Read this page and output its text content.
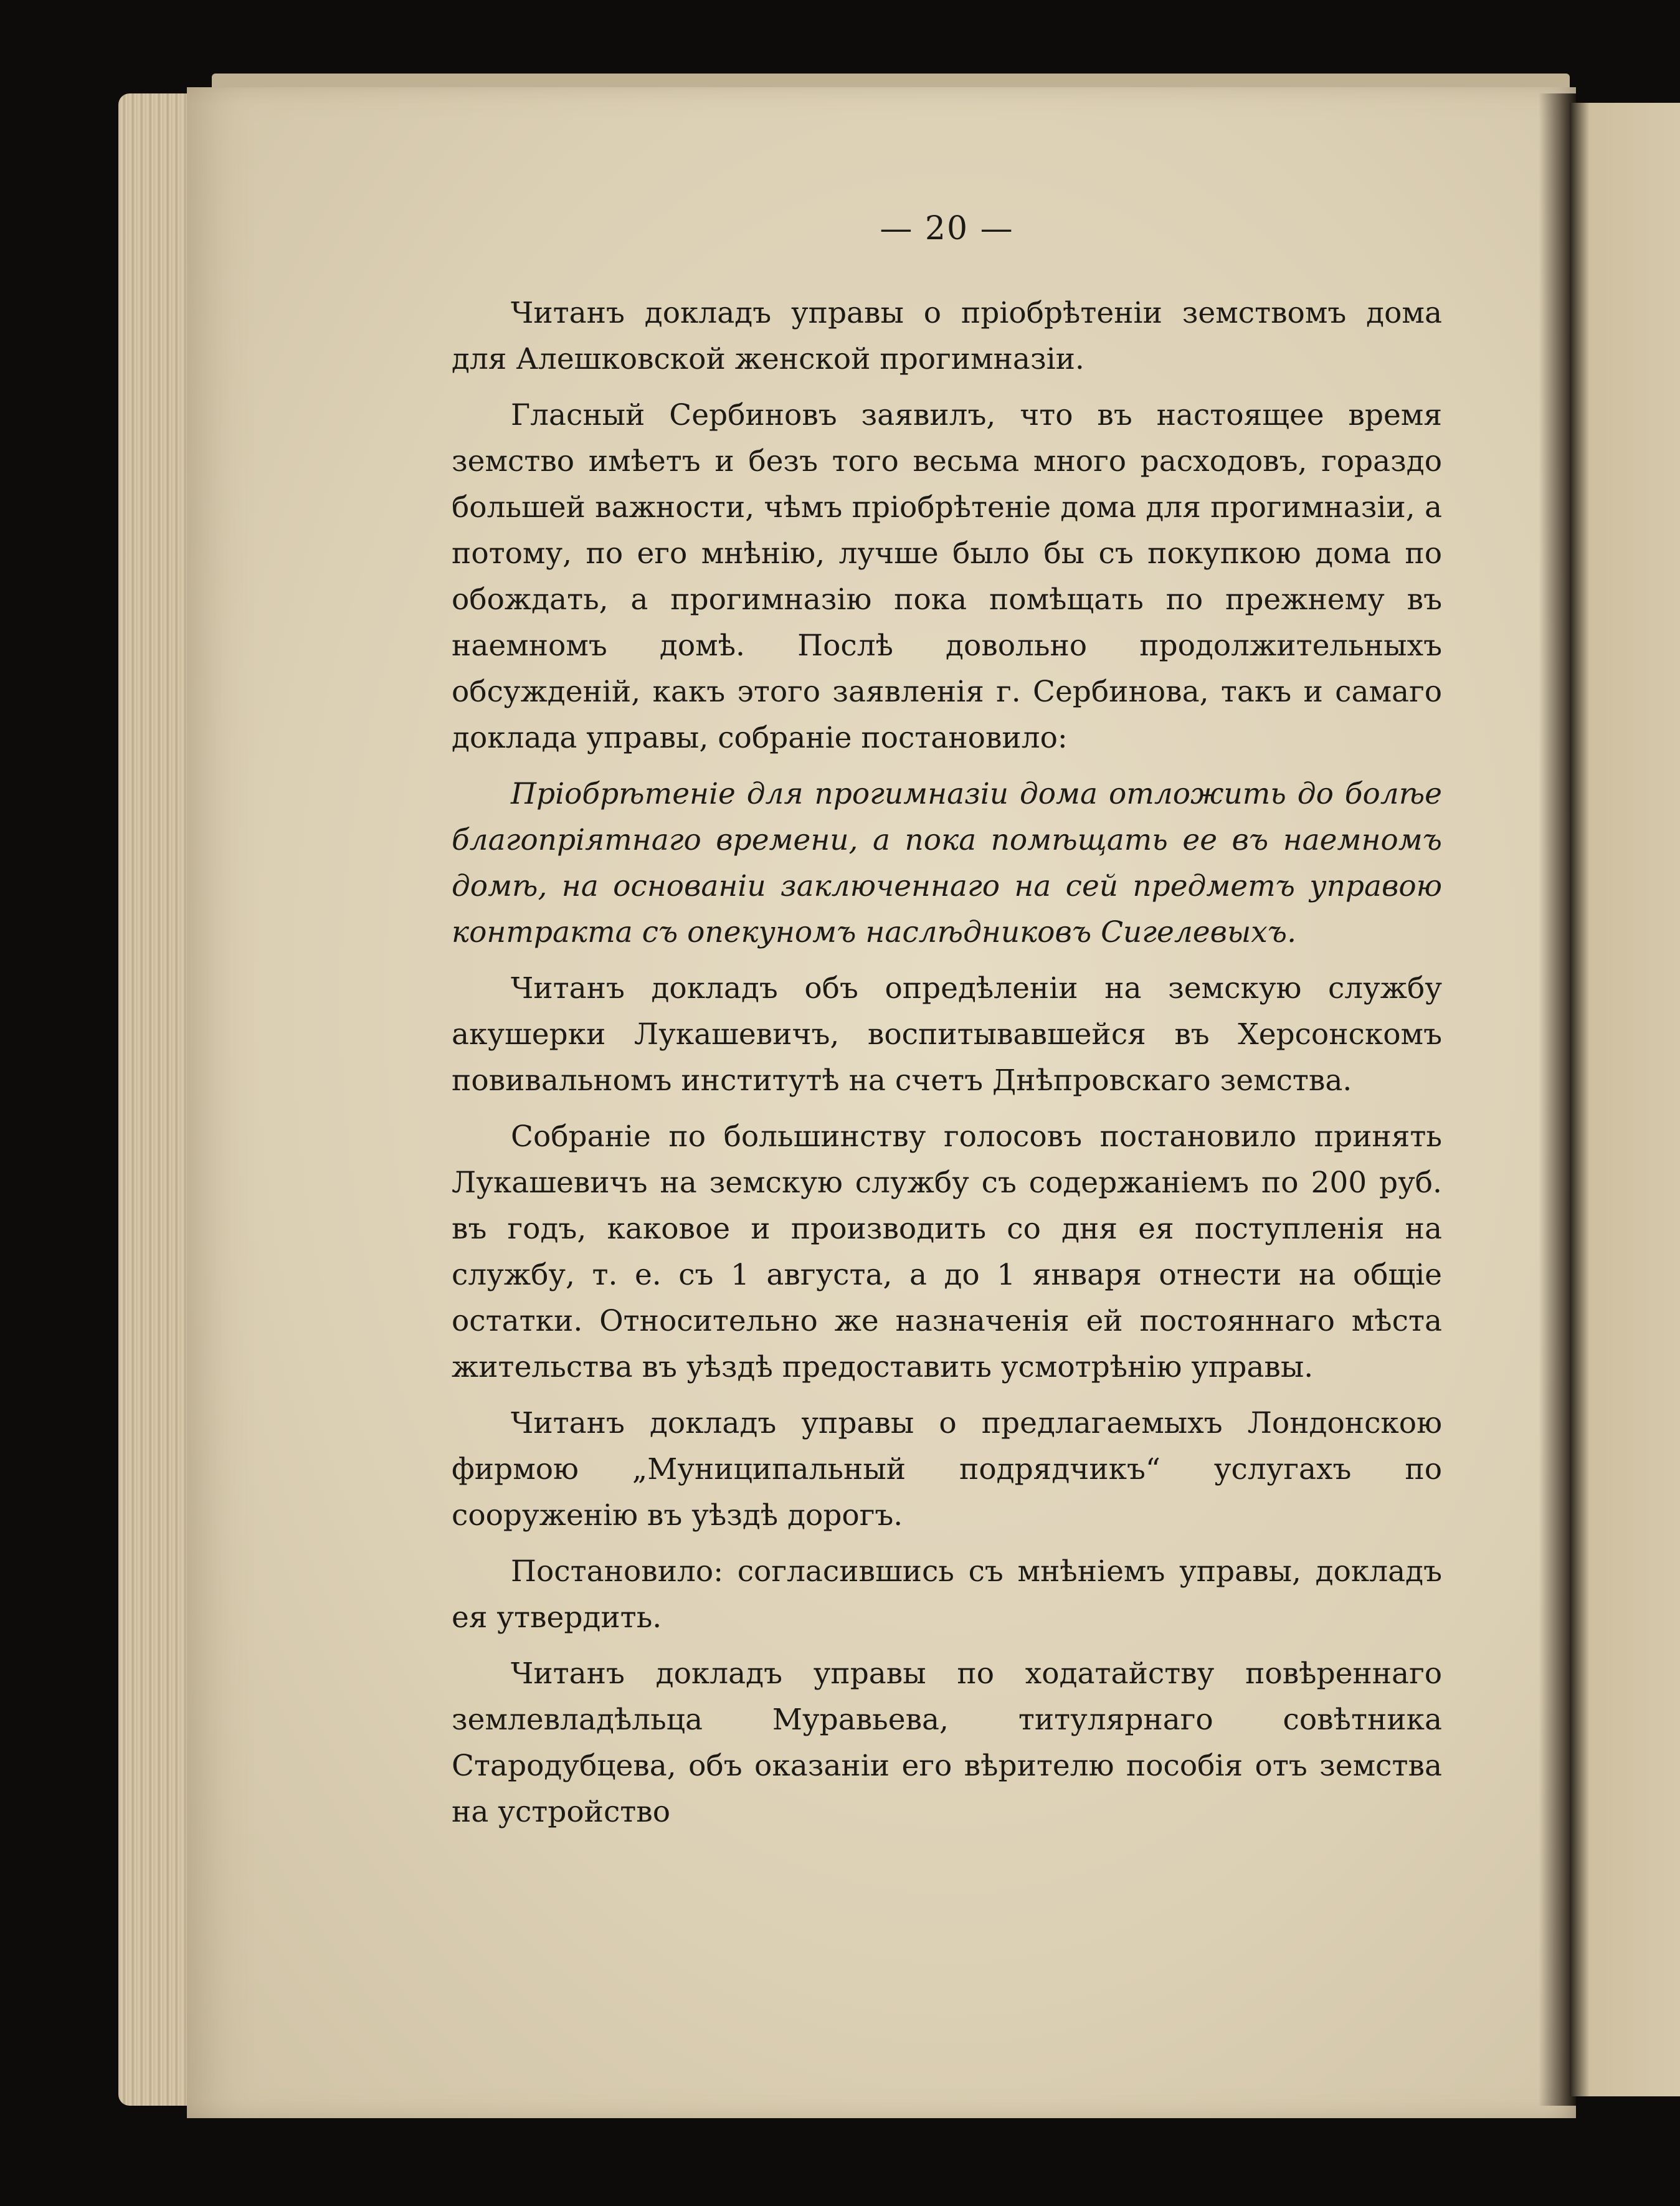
— 20 —

Читанъ докладъ управы о пріобрѣтеніи земствомъ дома для Алешковской женской прогимназіи.

Гласный Сербиновъ заявилъ, что въ настоящее время земство имѣетъ и безъ того весьма много расходовъ, гораздо большей важности, чѣмъ пріобрѣтеніе дома для прогимназіи, а потому, по его мнѣнію, лучше было бы съ покупкою дома по обождать, а прогимназію пока помѣщать по прежнему въ наемномъ домѣ. Послѣ довольно продолжительныхъ обсужденій, какъ этого заявленія г. Сербинова, такъ и самаго доклада управы, собраніе постановило:

Пріобрѣтеніе для прогимназіи дома отложить до болѣе благопріятнаго времени, а пока помѣщать ее въ наемномъ домѣ, на основаніи заключеннаго на сей предметъ управою контракта съ опекуномъ наслѣдниковъ Сигелевыхъ.

Читанъ докладъ объ опредѣленіи на земскую службу акушерки Лукашевичъ, воспитывавшейся въ Херсонскомъ повивальномъ институтѣ на счетъ Днѣпровскаго земства.

Собраніе по большинству голосовъ постановило принять Лукашевичъ на земскую службу съ содержаніемъ по 200 руб. въ годъ, каковое и производить со дня ея поступленія на службу, т. е. съ 1 августа, а до 1 января отнести на общіе остатки. Относительно же назначенія ей постояннаго мѣста жительства въ уѣздѣ предоставить усмотрѣнію управы.

Читанъ докладъ управы о предлагаемыхъ Лондонскою фирмою „Муниципальный подрядчикъ“ услугахъ по сооруженію въ уѣздѣ дорогъ.

Постановило: согласившись съ мнѣніемъ управы, докладъ ея утвердить.

Читанъ докладъ управы по ходатайству повѣреннаго землевладѣльца Муравьева, титулярнаго совѣтника Стародубцева, объ оказаніи его вѣрителю пособія отъ земства на устройство
